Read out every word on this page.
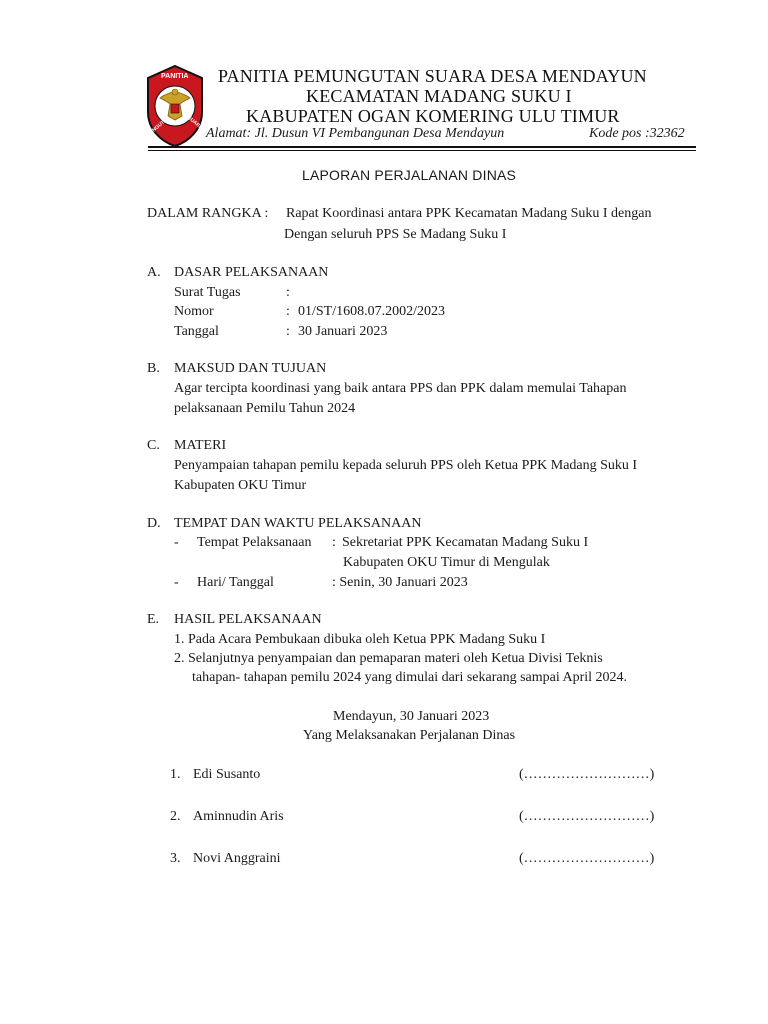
PANITIA
PEMUNGUTAN	SUARA
PANITIA PEMUNGUTAN SUARA DESA MENDAYUN
KECAMATAN MADANG SUKU I
KABUPATEN OGAN KOMERING ULU TIMUR
Alamat: Jl. Dusun VI Pembangunan Desa Mendayun	Kode pos :32362
LAPORAN PERJALANAN DINAS
DALAM RANGKA : Rapat Koordinasi antara PPK Kecamatan Madang Suku I dengan
Dengan seluruh PPS Se Madang Suku I
A. DASAR PELAKSANAAN
Surat Tugas	:
Nomor	: 01/ST/1608.07.2002/2023
Tanggal	: 30 Januari 2023
B. MAKSUD DAN TUJUAN
Agar tercipta koordinasi yang baik antara PPS dan PPK dalam memulai Tahapan
pelaksanaan Pemilu Tahun 2024
C. MATERI
Penyampaian tahapan pemilu kepada seluruh PPS oleh Ketua PPK Madang Suku I
Kabupaten OKU Timur
D. TEMPAT DAN WAKTU PELAKSANAAN
- Tempat Pelaksanaan : Sekretariat PPK Kecamatan Madang Suku I
Kabupaten OKU Timur di Mengulak
- Hari/ Tanggal	: Senin, 30 Januari 2023
E. HASIL PELAKSANAAN
1. Pada Acara Pembukaan dibuka oleh Ketua PPK Madang Suku I
2. Selanjutnya penyampaian dan pemaparan materi oleh Ketua Divisi Teknis
tahapan- tahapan pemilu 2024 yang dimulai dari sekarang sampai April 2024.
Mendayun, 30 Januari 2023
Yang Melaksanakan Perjalanan Dinas
1. Edi Susanto	(………………………)
2. Aminnudin Aris	(………………………)
3. Novi Anggraini	(………………………)
